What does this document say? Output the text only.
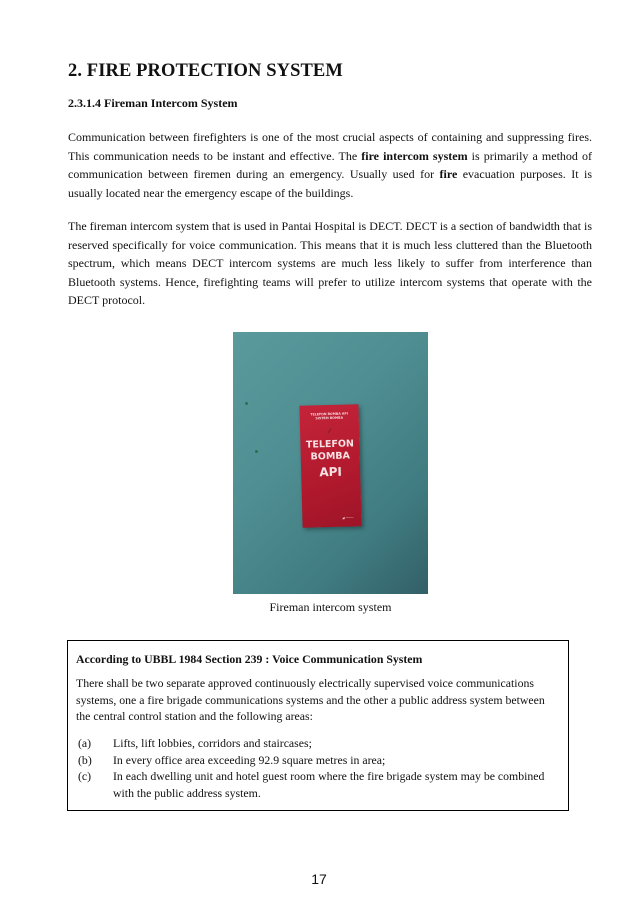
2. FIRE PROTECTION SYSTEM
2.3.1.4 Fireman Intercom System
Communication between firefighters is one of the most crucial aspects of containing and suppressing fires. This communication needs to be instant and effective. The fire intercom system is primarily a method of communication between firemen during an emergency. Usually used for fire evacuation purposes. It is usually located near the emergency escape of the buildings.
The fireman intercom system that is used in Pantai Hospital is DECT. DECT is a section of bandwidth that is reserved specifically for voice communication. This means that it is much less cluttered than the Bluetooth spectrum, which means DECT intercom systems are much less likely to suffer from interference than Bluetooth systems. Hence, firefighting teams will prefer to utilize intercom systems that operate with the DECT protocol.
TELEFON BOMBA API SISTEM BOMBA
⁄
TELEFON
BOMBA
API
◢ ────
Fireman intercom system
According to UBBL 1984 Section 239 : Voice Communication System
There shall be two separate approved continuously electrically supervised voice communications systems, one a fire brigade communications systems and the other a public address system between the central control station and the following areas:
(a)	Lifts, lift lobbies, corridors and staircases;
(b)	In every office area exceeding 92.9 square metres in area;
(c)	In each dwelling unit and hotel guest room where the fire brigade system may be combined with the public address system.
17
